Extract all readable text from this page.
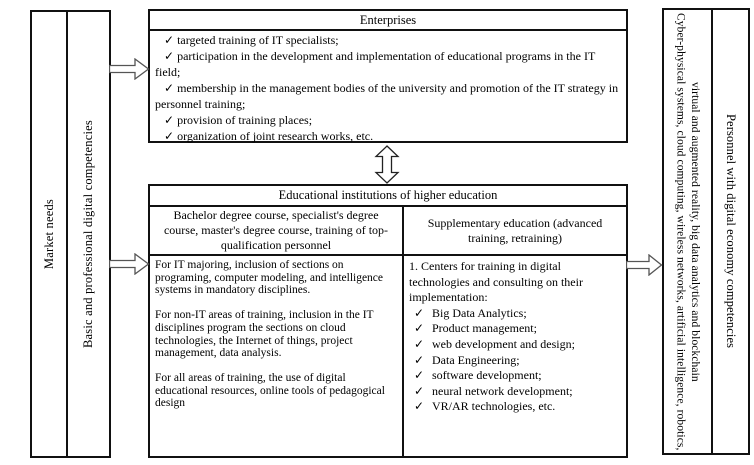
Market needs Basic and professional digital competencies
Enterprises
✓ targeted training of IT specialists;
✓ participation in the development and implementation of educational programs in the IT field;
✓ membership in the management bodies of the university and promotion of the IT strategy in personnel training;
✓ provision of training places;
✓ organization of joint research works, etc.
Educational institutions of higher education
Bachelor degree course, specialist's degree course, master's degree course, training of top-qualification personnel
Supplementary education (advanced training, retraining)

For IT majoring, inclusion of sections on programing, computer modeling, and intelligence systems in mandatory disciplines.

For non-IT areas of training, inclusion in the IT disciplines program the sections on cloud technologies, the Internet of things, project management, data analysis.

For all areas of training, the use of digital educational resources, online tools of pedagogical design

1. Centers for training in digital technologies and consulting on their implementation:

✓ Big Data Analytics;
✓ Product management;
✓ web development and design;
✓ Data Engineering;
✓ software development;
✓ neural network development;
✓ VR/AR technologies, etc.	Cyber-physical systems, cloud computing, wireless networks, artificial intelligence, robotics, virtual and augmented reality, big data analytics and blockchain Personnel with digital economy competencies
